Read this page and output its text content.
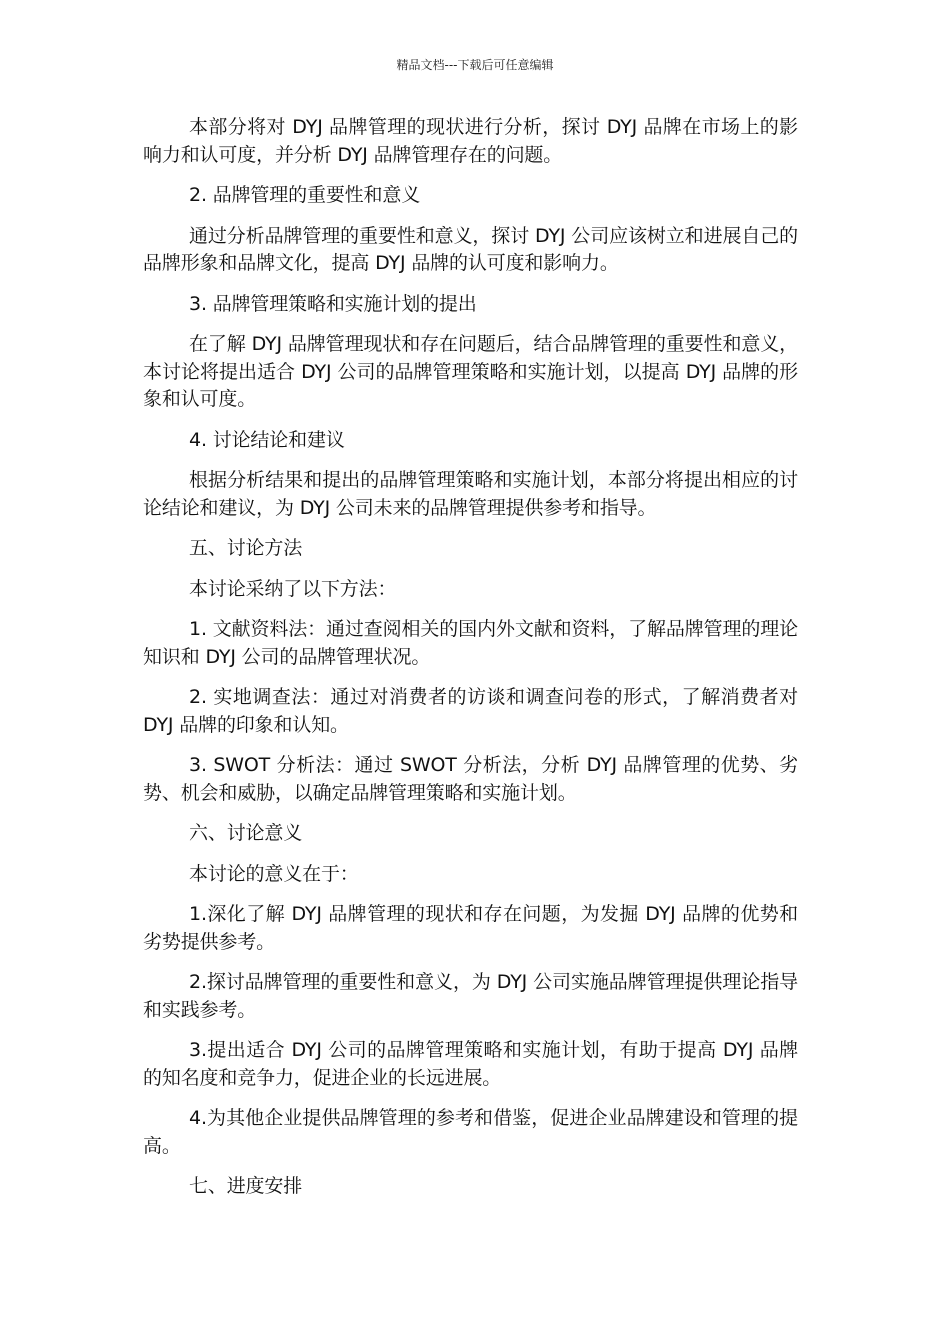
精品文档---下载后可任意编辑

本部分将对 DYJ 品牌管理的现状进行分析，探讨 DYJ 品牌在市场上的影响力和认可度，并分析 DYJ 品牌管理存在的问题。

2. 品牌管理的重要性和意义

通过分析品牌管理的重要性和意义，探讨 DYJ 公司应该树立和进展自己的品牌形象和品牌文化，提高 DYJ 品牌的认可度和影响力。

3. 品牌管理策略和实施计划的提出

在了解 DYJ 品牌管理现状和存在问题后，结合品牌管理的重要性和意义，本讨论将提出适合 DYJ 公司的品牌管理策略和实施计划，以提高 DYJ 品牌的形象和认可度。

4. 讨论结论和建议

根据分析结果和提出的品牌管理策略和实施计划，本部分将提出相应的讨论结论和建议，为 DYJ 公司未来的品牌管理提供参考和指导。

五、讨论方法

本讨论采纳了以下方法：

1. 文献资料法：通过查阅相关的国内外文献和资料，了解品牌管理的理论知识和 DYJ 公司的品牌管理状况。

2. 实地调查法：通过对消费者的访谈和调查问卷的形式，了解消费者对 DYJ 品牌的印象和认知。

3. SWOT 分析法：通过 SWOT 分析法，分析 DYJ 品牌管理的优势、劣势、机会和威胁，以确定品牌管理策略和实施计划。

六、讨论意义

本讨论的意义在于：

1.深化了解 DYJ 品牌管理的现状和存在问题，为发掘 DYJ 品牌的优势和劣势提供参考。

2.探讨品牌管理的重要性和意义，为 DYJ 公司实施品牌管理提供理论指导和实践参考。

3.提出适合 DYJ 公司的品牌管理策略和实施计划，有助于提高 DYJ 品牌的知名度和竞争力，促进企业的长远进展。

4.为其他企业提供品牌管理的参考和借鉴，促进企业品牌建设和管理的提高。

七、进度安排
